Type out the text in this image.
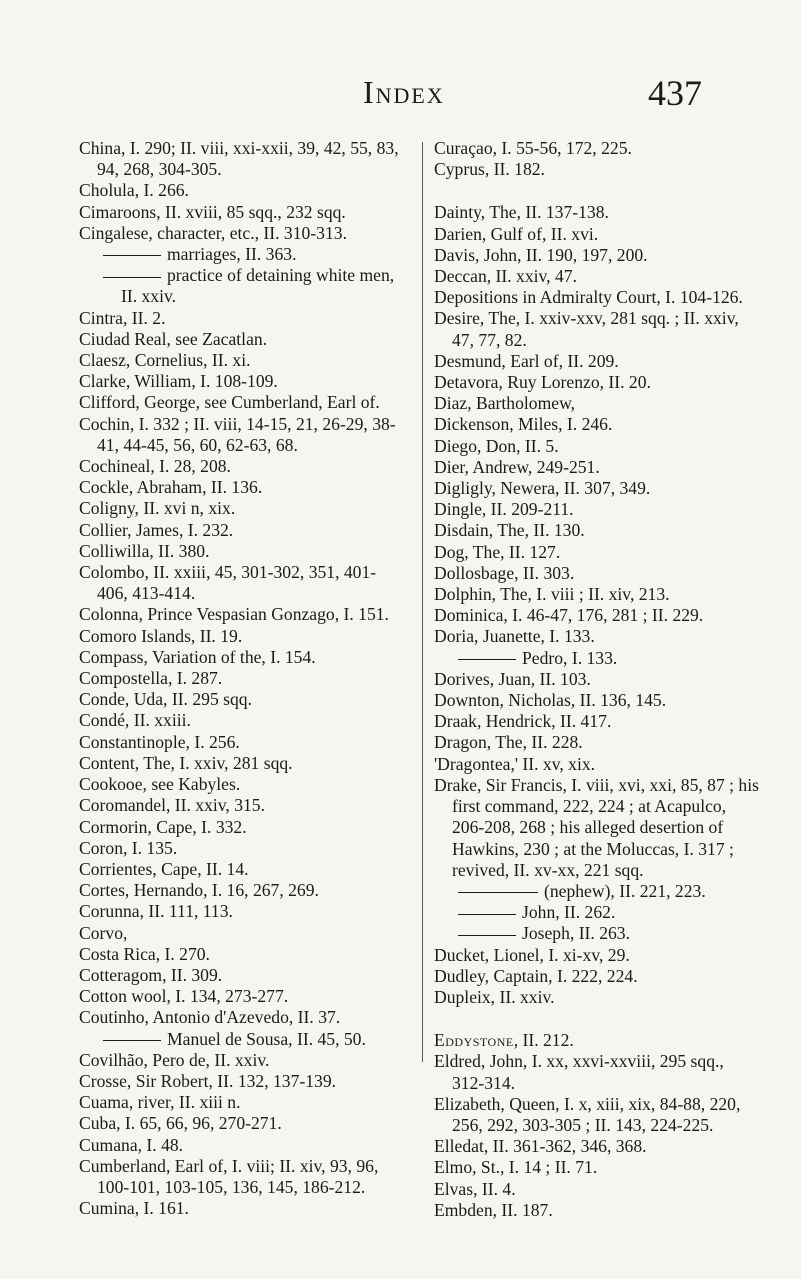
Index	437
China, I. 290; II. viii, xxi-xxii, 39, 42, 55, 83, 94, 268, 304-305.
Cholula, I. 266.
Cimaroons, II. xviii, 85 sqq., 232 sqq.
Cingalese, character, etc., II. 310-313.
marriages, II. 363.
practice of detaining white men, II. xxiv.
Cintra, II. 2.
Ciudad Real, see Zacatlan.
Claesz, Cornelius, II. xi.
Clarke, William, I. 108-109.
Clifford, George, see Cumberland, Earl of.
Cochin, I. 332 ; II. viii, 14-15, 21, 26-29, 38-41, 44-45, 56, 60, 62-63, 68.
Cochineal, I. 28, 208.
Cockle, Abraham, II. 136.
Coligny, II. xvi n, xix.
Collier, James, I. 232.
Colliwilla, II. 380.
Colombo, II. xxiii, 45, 301-302, 351, 401-406, 413-414.
Colonna, Prince Vespasian Gonzago, I. 151.
Comoro Islands, II. 19.
Compass, Variation of the, I. 154.
Compostella, I. 287.
Conde, Uda, II. 295 sqq.
Condé, II. xxiii.
Constantinople, I. 256.
Content, The, I. xxiv, 281 sqq.
Cookooe, see Kabyles.
Coromandel, II. xxiv, 315.
Cormorin, Cape, I. 332.
Coron, I. 135.
Corrientes, Cape, II. 14.
Cortes, Hernando, I. 16, 267, 269.
Corunna, II. 111, 113.
Corvo,
Costa Rica, I. 270.
Cotteragom, II. 309.
Cotton wool, I. 134, 273-277.
Coutinho, Antonio d'Azevedo, II. 37.
Manuel de Sousa, II. 45, 50.
Covilhão, Pero de, II. xxiv.
Crosse, Sir Robert, II. 132, 137-139.
Cuama, river, II. xiii n.
Cuba, I. 65, 66, 96, 270-271.
Cumana, I. 48.
Cumberland, Earl of, I. viii; II. xiv, 93, 96, 100-101, 103-105, 136, 145, 186-212.
Cumina, I. 161.
Curaçao, I. 55-56, 172, 225.
Cyprus, II. 182.
Dainty, The, II. 137-138.
Darien, Gulf of, II. xvi.
Davis, John, II. 190, 197, 200.
Deccan, II. xxiv, 47.
Depositions in Admiralty Court, I. 104-126.
Desire, The, I. xxiv-xxv, 281 sqq. ; II. xxiv, 47, 77, 82.
Desmund, Earl of, II. 209.
Detavora, Ruy Lorenzo, II. 20.
Diaz, Bartholomew,
Dickenson, Miles, I. 246.
Diego, Don, II. 5.
Dier, Andrew, 249-251.
Digligly, Newera, II. 307, 349.
Dingle, II. 209-211.
Disdain, The, II. 130.
Dog, The, II. 127.
Dollosbage, II. 303.
Dolphin, The, I. viii ; II. xiv, 213.
Dominica, I. 46-47, 176, 281 ; II. 229.
Doria, Juanette, I. 133.
Pedro, I. 133.
Dorives, Juan, II. 103.
Downton, Nicholas, II. 136, 145.
Draak, Hendrick, II. 417.
Dragon, The, II. 228.
'Dragontea,' II. xv, xix.
Drake, Sir Francis, I. viii, xvi, xxi, 85, 87 ; his first command, 222, 224 ; at Acapulco, 206-208, 268 ; his alleged desertion of Hawkins, 230 ; at the Moluccas, I. 317 ; revived, II. xv-xx, 221 sqq.
(nephew), II. 221, 223.
John, II. 262.
Joseph, II. 263.
Ducket, Lionel, I. xi-xv, 29.
Dudley, Captain, I. 222, 224.
Dupleix, II. xxiv.
Eddystone, II. 212.
Eldred, John, I. xx, xxvi-xxviii, 295 sqq., 312-314.
Elizabeth, Queen, I. x, xiii, xix, 84-88, 220, 256, 292, 303-305 ; II. 143, 224-225.
Elledat, II. 361-362, 346, 368.
Elmo, St., I. 14 ; II. 71.
Elvas, II. 4.
Embden, II. 187.
